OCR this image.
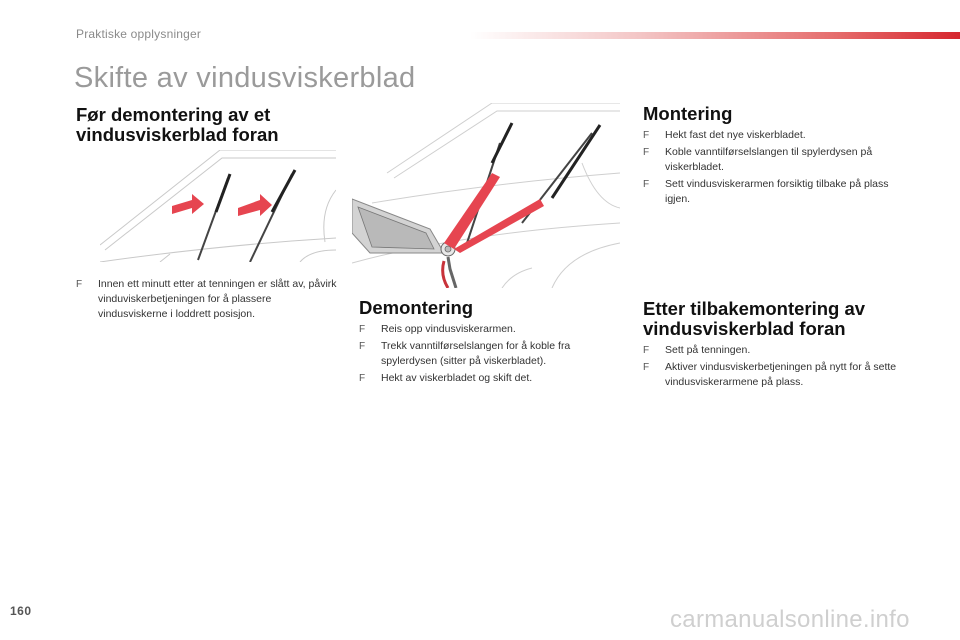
Praktiske opplysninger
Skifte av vindusviskerblad
Før demontering av et vindusviskerblad foran
F Innen ett minutt etter at tenningen er slått av, påvirk vinduviskerbetjeningen for å plassere vindusviskerne i loddrett posisjon.	Demontering
F Reis opp vindusviskerarmen.
F Trekk vanntilførselslangen for å koble fra spylerdysen (sitter på viskerbladet).
F Hekt av viskerbladet og skift det.
Montering
F Hekt fast det nye viskerbladet.
F Koble vanntilførselslangen til spylerdysen på viskerbladet.
F Sett vindusviskerarmen forsiktig tilbake på plass igjen.
Etter tilbakemontering av vindusviskerblad foran
F Sett på tenningen.
F Aktiver vindusviskerbetjeningen på nytt for å sette vindusviskerarmene på plass.
160	carmanualsonline.info
